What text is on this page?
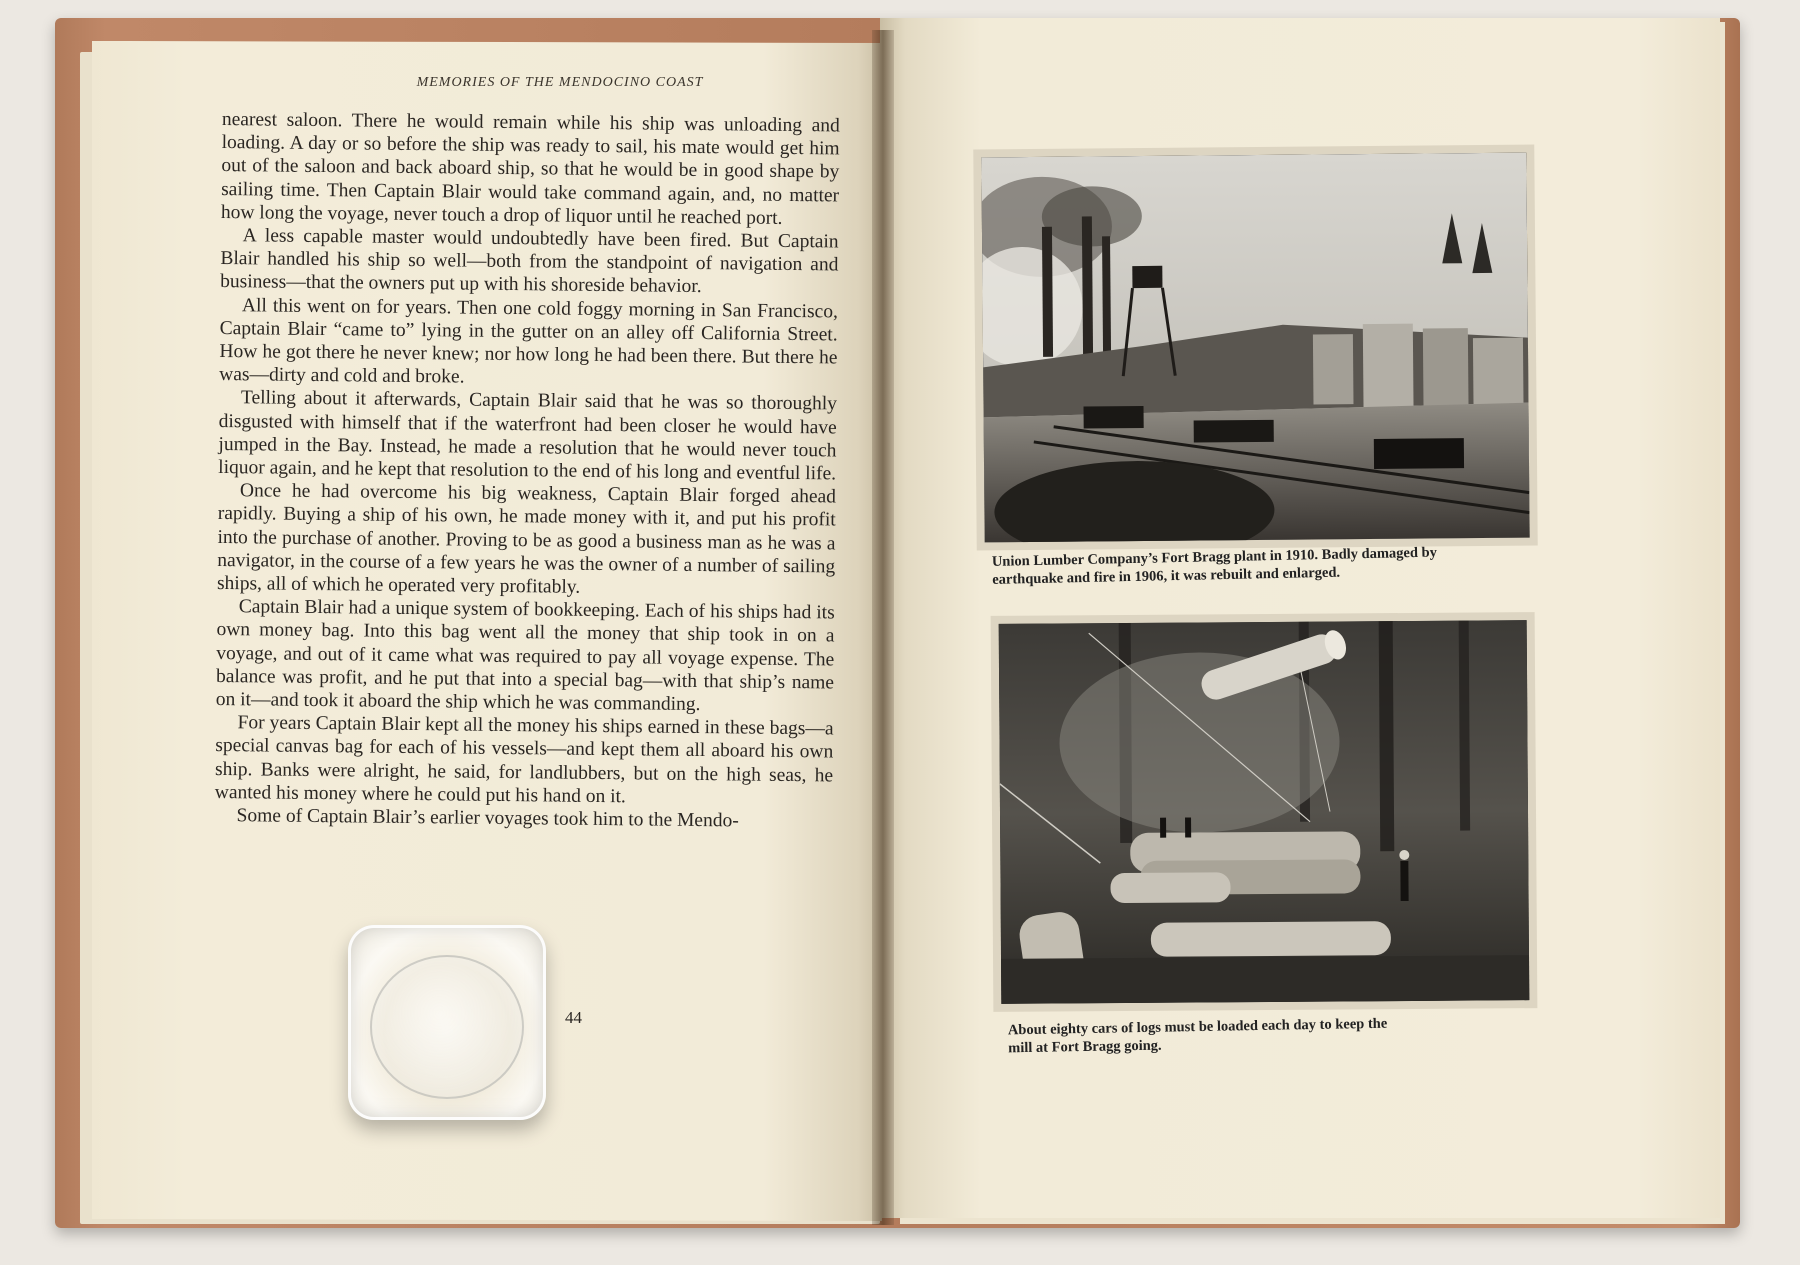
MEMORIES OF THE MENDOCINO COAST

nearest saloon. There he would remain while his ship was unloading and loading. A day or so before the ship was ready to sail, his mate would get him out of the saloon and back aboard ship, so that he would be in good shape by sailing time. Then Captain Blair would take command again, and, no matter how long the voyage, never touch a drop of liquor until he reached port.

A less capable master would undoubtedly have been fired. But Captain Blair handled his ship so well—both from the standpoint of navigation and business—that the owners put up with his shoreside behavior.

All this went on for years. Then one cold foggy morning in San Francisco, Captain Blair “came to” lying in the gutter on an alley off California Street. How he got there he never knew; nor how long he had been there. But there he was—dirty and cold and broke.

Telling about it afterwards, Captain Blair said that he was so thoroughly disgusted with himself that if the waterfront had been closer he would have jumped in the Bay. Instead, he made a resolution that he would never touch liquor again, and he kept that resolution to the end of his long and eventful life.

Once he had overcome his big weakness, Captain Blair forged ahead rapidly. Buying a ship of his own, he made money with it, and put his profit into the purchase of another. Proving to be as good a business man as he was a navigator, in the course of a few years he was the owner of a number of sailing ships, all of which he operated very profitably.

Captain Blair had a unique system of bookkeeping. Each of his ships had its own money bag. Into this bag went all the money that ship took in on a voyage, and out of it came what was required to pay all voyage expense. The balance was profit, and he put that into a special bag—with that ship’s name on it—and took it aboard the ship which he was commanding.

For years Captain Blair kept all the money his ships earned in these bags—a special canvas bag for each of his vessels—and kept them all aboard his own ship. Banks were alright, he said, for landlubbers, but on the high seas, he wanted his money where he could put his hand on it.

Some of Captain Blair’s earlier voyages took him to the Mendo-

44
Union Lumber Company’s Fort Bragg plant in 1910. Badly damaged by earthquake and fire in 1906, it was rebuilt and enlarged.
About eighty cars of logs must be loaded each day to keep the mill at Fort Bragg going.
